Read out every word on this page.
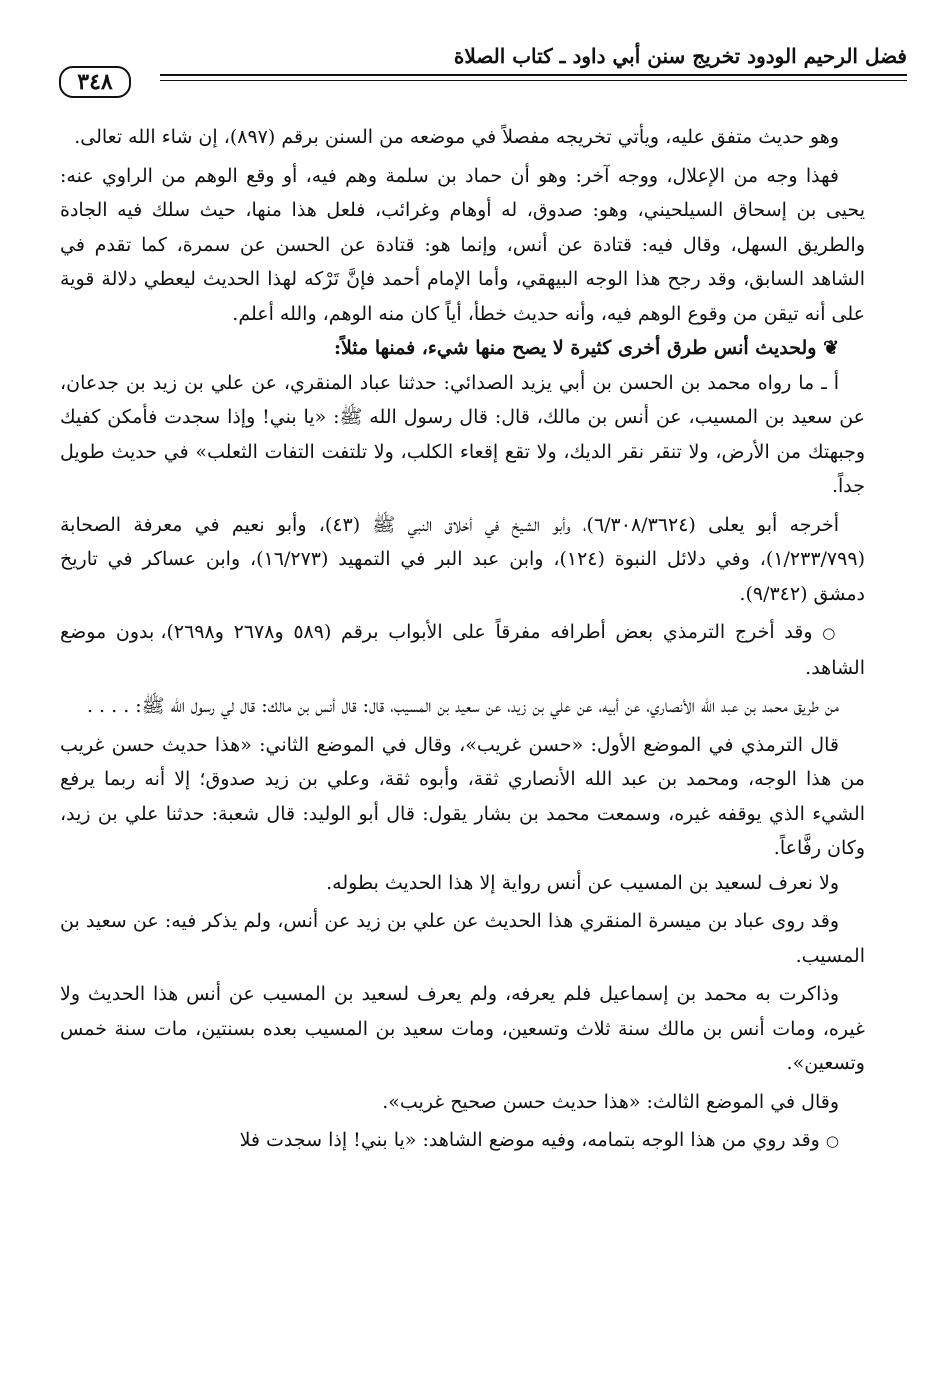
فضل الرحيم الودود تخريج سنن أبي داود ـ كتاب الصلاة
٣٤٨

وهو حديث متفق عليه، ويأتي تخريجه مفصلاً في موضعه من السنن برقم (٨٩٧)، إن شاء الله تعالى.

فهذا وجه من الإعلال، ووجه آخر: وهو أن حماد بن سلمة وهم فيه، أو وقع الوهم من الراوي عنه: يحيى بن إسحاق السيلحيني، وهو: صدوق، له أوهام وغرائب، فلعل هذا منها، حيث سلك فيه الجادة والطريق السهل، وقال فيه: قتادة عن أنس، وإنما هو: قتادة عن الحسن عن سمرة، كما تقدم في الشاهد السابق، وقد رجح هذا الوجه البيهقي، وأما الإمام أحمد فإنَّ تَرْكه لهذا الحديث ليعطي دلالة قوية على أنه تيقن من وقوع الوهم فيه، وأنه حديث خطأ، أياً كان منه الوهم، والله أعلم.

❦ ولحديث أنس طرق أخرى كثيرة لا يصح منها شيء، فمنها مثلاً:

أ ـ ما رواه محمد بن الحسن بن أبي يزيد الصدائي: حدثنا عباد المنقري، عن علي بن زيد بن جدعان، عن سعيد بن المسيب، عن أنس بن مالك، قال: قال رسول الله ﷺ: «يا بني! وإذا سجدت فأمكن كفيك وجبهتك من الأرض، ولا تنقر نقر الديك، ولا تقع إقعاء الكلب، ولا تلتفت التفات الثعلب» في حديث طويل جداً.

أخرجه أبو يعلى (٦/٣٠٨/٣٦٢٤)، وأبو الشيخ في أخلاق النبي ﷺ (٤٣)، وأبو نعيم في معرفة الصحابة (١/٢٣٣/٧٩٩)، وفي دلائل النبوة (١٢٤)، وابن عبد البر في التمهيد (١٦/٢٧٣)، وابن عساكر في تاريخ دمشق (٩/٣٤٢).

○ وقد أخرج الترمذي بعض أطرافه مفرقاً على الأبواب برقم (٥٨٩ و٢٦٧٨ و٢٦٩٨)، بدون موضع الشاهد.

من طريق محمد بن عبد الله الأنصاري، عن أبيه، عن علي بن زيد، عن سعيد بن المسيب، قال: قال أنس بن مالك: قال لي رسول الله ﷺ: . . . .

قال الترمذي في الموضع الأول: «حسن غريب»، وقال في الموضع الثاني: «هذا حديث حسن غريب من هذا الوجه، ومحمد بن عبد الله الأنصاري ثقة، وأبوه ثقة، وعلي بن زيد صدوق؛ إلا أنه ربما يرفع الشيء الذي يوقفه غيره، وسمعت محمد بن بشار يقول: قال أبو الوليد: قال شعبة: حدثنا علي بن زيد، وكان رفَّاعاً.

ولا نعرف لسعيد بن المسيب عن أنس رواية إلا هذا الحديث بطوله.

وقد روى عباد بن ميسرة المنقري هذا الحديث عن علي بن زيد عن أنس، ولم يذكر فيه: عن سعيد بن المسيب.

وذاكرت به محمد بن إسماعيل فلم يعرفه، ولم يعرف لسعيد بن المسيب عن أنس هذا الحديث ولا غيره، ومات أنس بن مالك سنة ثلاث وتسعين، ومات سعيد بن المسيب بعده بسنتين، مات سنة خمس وتسعين».

وقال في الموضع الثالث: «هذا حديث حسن صحيح غريب».

○ وقد روي من هذا الوجه بتمامه، وفيه موضع الشاهد: «يا بني! إذا سجدت فلا
